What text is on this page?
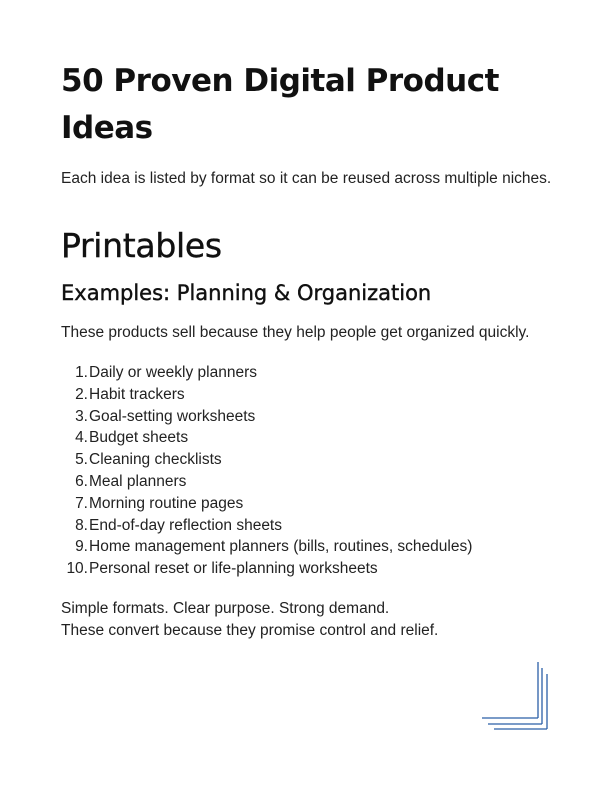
50 Proven Digital Product Ideas

Each idea is listed by format so it can be reused across multiple niches.

Printables
Examples: Planning & Organization

These products sell because they help people get organized quickly.

1. Daily or weekly planners
2. Habit trackers
3. Goal-setting worksheets
4. Budget sheets
5. Cleaning checklists
6. Meal planners
7. Morning routine pages
8. End-of-day reflection sheets
9. Home management planners (bills, routines, schedules)
10. Personal reset or life-planning worksheets
Simple formats. Clear purpose. Strong demand.
These convert because they promise control and relief.
